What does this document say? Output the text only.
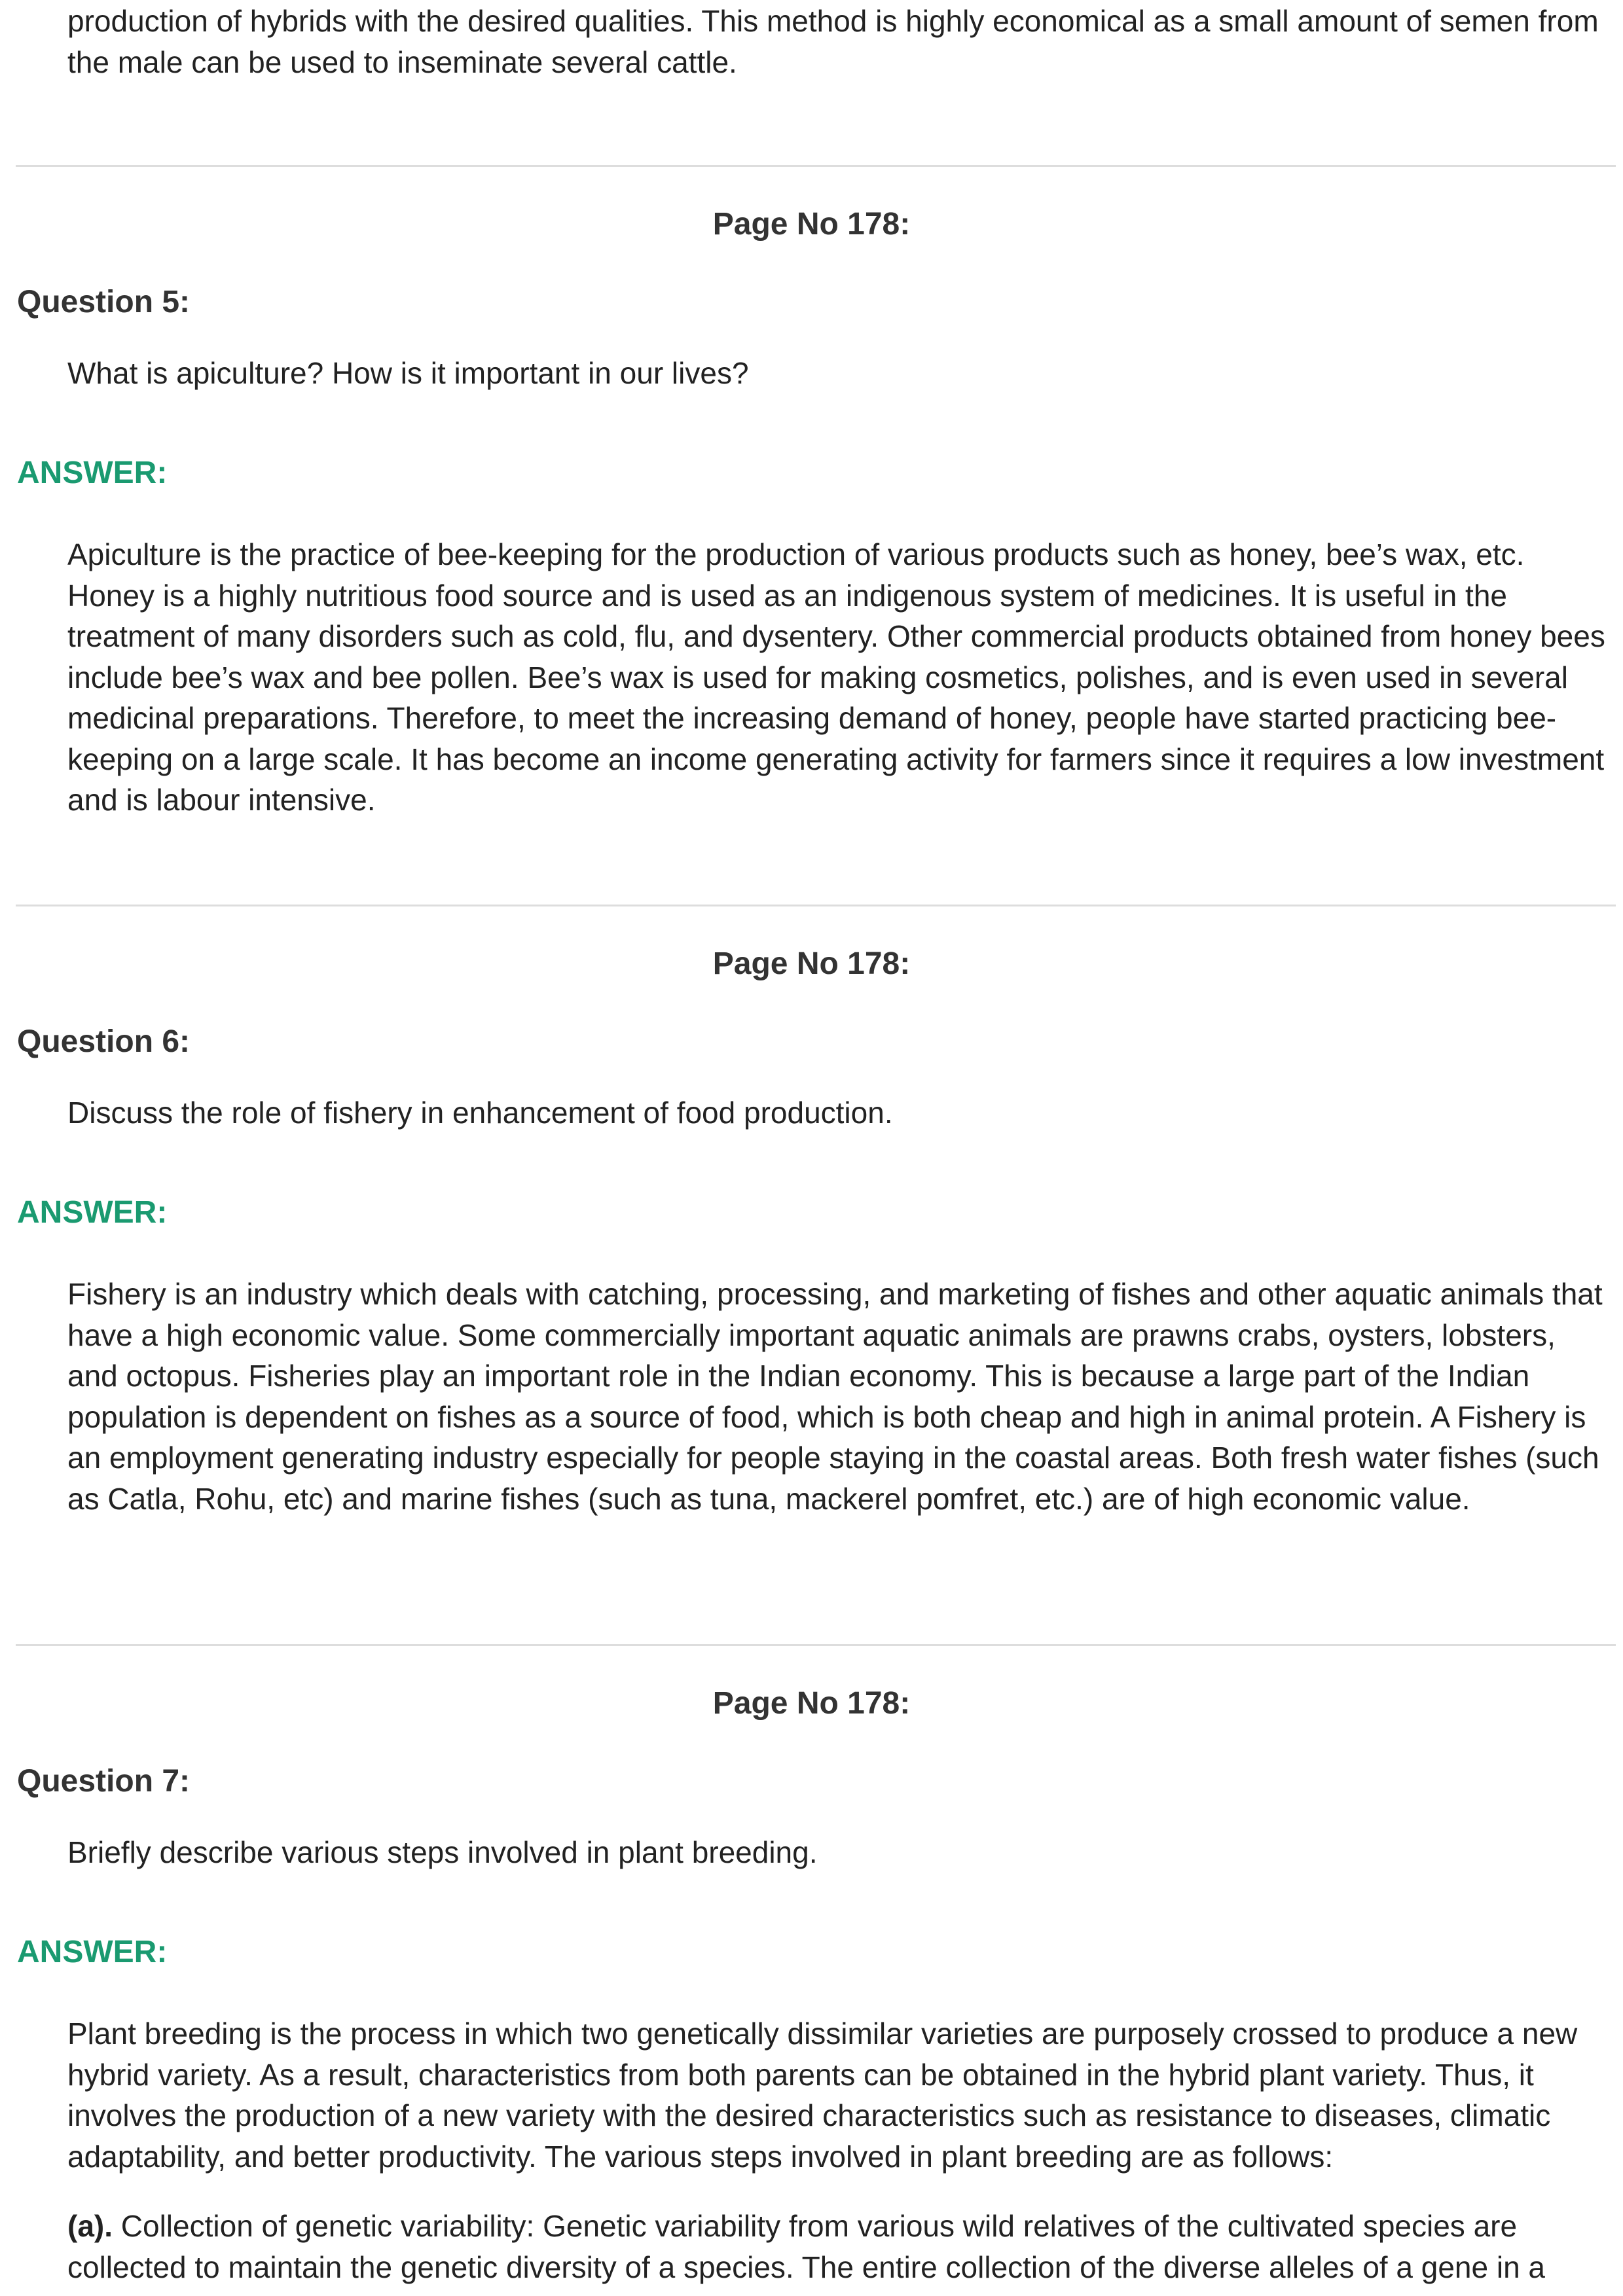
production of hybrids with the desired qualities. This method is highly economical as a small amount of semen from the male can be used to inseminate several cattle.

Page No 178:
Question 5:
What is apiculture? How is it important in our lives?
ANSWER:

Apiculture is the practice of bee-keeping for the production of various products such as honey, bee’s wax, etc. Honey is a highly nutritious food source and is used as an indigenous system of medicines. It is useful in the treatment of many disorders such as cold, flu, and dysentery. Other commercial products obtained from honey bees include bee’s wax and bee pollen. Bee’s wax is used for making cosmetics, polishes, and is even used in several medicinal preparations. Therefore, to meet the increasing demand of honey, people have started practicing bee-keeping on a large scale. It has become an income generating activity for farmers since it requires a low investment and is labour intensive.

Page No 178:
Question 6:
Discuss the role of fishery in enhancement of food production.
ANSWER:

Fishery is an industry which deals with catching, processing, and marketing of fishes and other aquatic animals that have a high economic value. Some commercially important aquatic animals are prawns crabs, oysters, lobsters, and octopus. Fisheries play an important role in the Indian economy. This is because a large part of the Indian population is dependent on fishes as a source of food, which is both cheap and high in animal protein. A Fishery is an employment generating industry especially for people staying in the coastal areas. Both fresh water fishes (such as Catla, Rohu, etc) and marine fishes (such as tuna, mackerel pomfret, etc.) are of high economic value.

Page No 178:
Question 7:
Briefly describe various steps involved in plant breeding.
ANSWER:

Plant breeding is the process in which two genetically dissimilar varieties are purposely crossed to produce a new hybrid variety. As a result, characteristics from both parents can be obtained in the hybrid plant variety. Thus, it involves the production of a new variety with the desired characteristics such as resistance to diseases, climatic adaptability, and better productivity. The various steps involved in plant breeding are as follows:

(a). Collection of genetic variability: Genetic variability from various wild relatives of the cultivated species are collected to maintain the genetic diversity of a species. The entire collection of the diverse alleles of a gene in a
